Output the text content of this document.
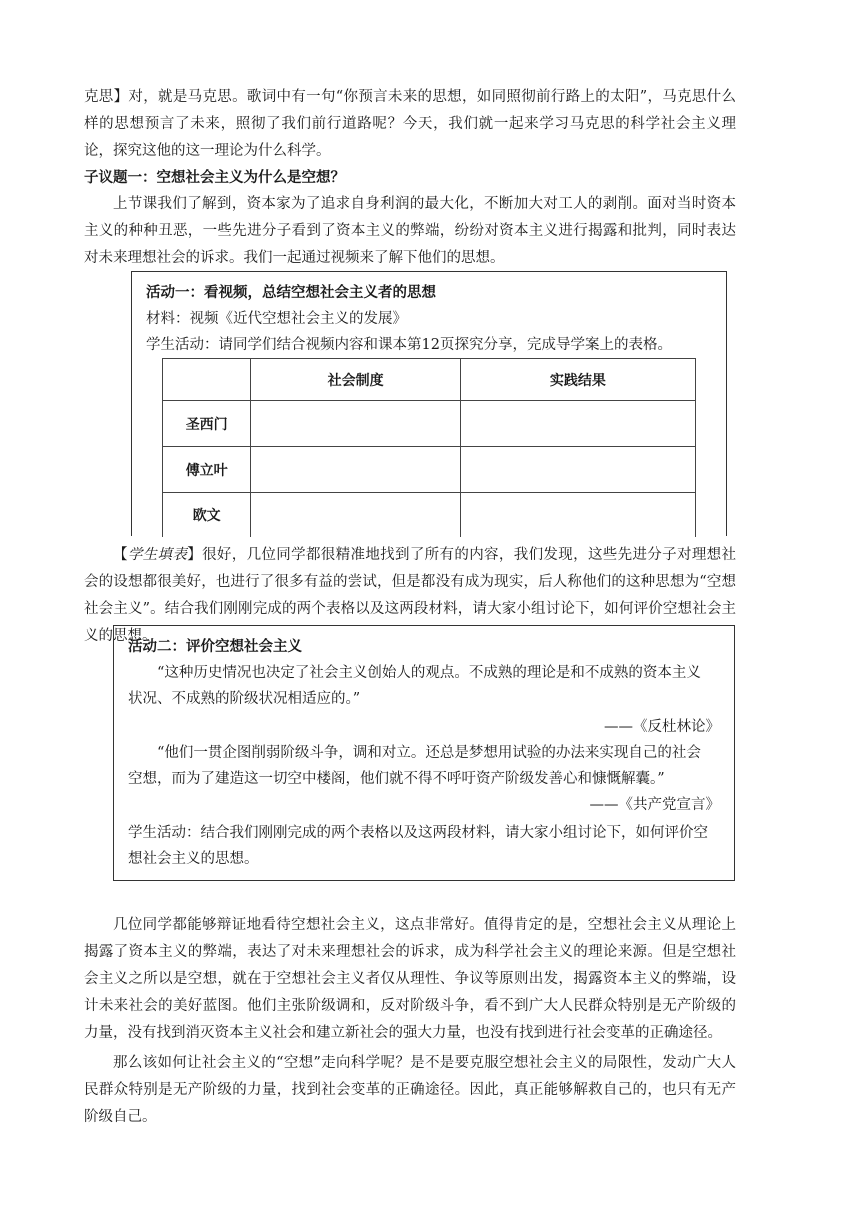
克思】对，就是马克思。歌词中有一句“你预言未来的思想，如同照彻前行路上的太阳”，马克思什么样的思想预言了未来，照彻了我们前行道路呢？今天，我们就一起来学习马克思的科学社会主义理论，探究这他的这一理论为什么科学。

子议题一：空想社会主义为什么是空想？

上节课我们了解到，资本家为了追求自身利润的最大化，不断加大对工人的剥削。面对当时资本主义的种种丑恶，一些先进分子看到了资本主义的弊端，纷纷对资本主义进行揭露和批判，同时表达对未来理想社会的诉求。我们一起通过视频来了解下他们的思想。

活动一：看视频，总结空想社会主义者的思想

材料：视频《近代空想社会主义的发展》

学生活动：请同学们结合视频内容和课本第12页探究分享，完成导学案上的表格。

	社会制度	实践结果
圣西门		
傅立叶		
欧文		

【学生填表】很好，几位同学都很精准地找到了所有的内容，我们发现，这些先进分子对理想社会的设想都很美好，也进行了很多有益的尝试，但是都没有成为现实，后人称他们的这种思想为“空想社会主义”。结合我们刚刚完成的两个表格以及这两段材料，请大家小组讨论下，如何评价空想社会主义的思想。

活动二：评价空想社会主义

“这种历史情况也决定了社会主义创始人的观点。不成熟的理论是和不成熟的资本主义

状况、不成熟的阶级状况相适应的。”

——《反杜林论》

“他们一贯企图削弱阶级斗争，调和对立。还总是梦想用试验的办法来实现自己的社会

空想，而为了建造这一切空中楼阁，他们就不得不呼吁资产阶级发善心和慷慨解囊。”

——《共产党宣言》

学生活动：结合我们刚刚完成的两个表格以及这两段材料，请大家小组讨论下，如何评价空

想社会主义的思想。

几位同学都能够辩证地看待空想社会主义，这点非常好。值得肯定的是，空想社会主义从理论上揭露了资本主义的弊端，表达了对未来理想社会的诉求，成为科学社会主义的理论来源。但是空想社会主义之所以是空想，就在于空想社会主义者仅从理性、争议等原则出发，揭露资本主义的弊端，设计未来社会的美好蓝图。他们主张阶级调和，反对阶级斗争，看不到广大人民群众特别是无产阶级的力量，没有找到消灭资本主义社会和建立新社会的强大力量，也没有找到进行社会变革的正确途径。

那么该如何让社会主义的“空想”走向科学呢？是不是要克服空想社会主义的局限性，发动广大人民群众特别是无产阶级的力量，找到社会变革的正确途径。因此，真正能够解救自己的，也只有无产阶级自己。
